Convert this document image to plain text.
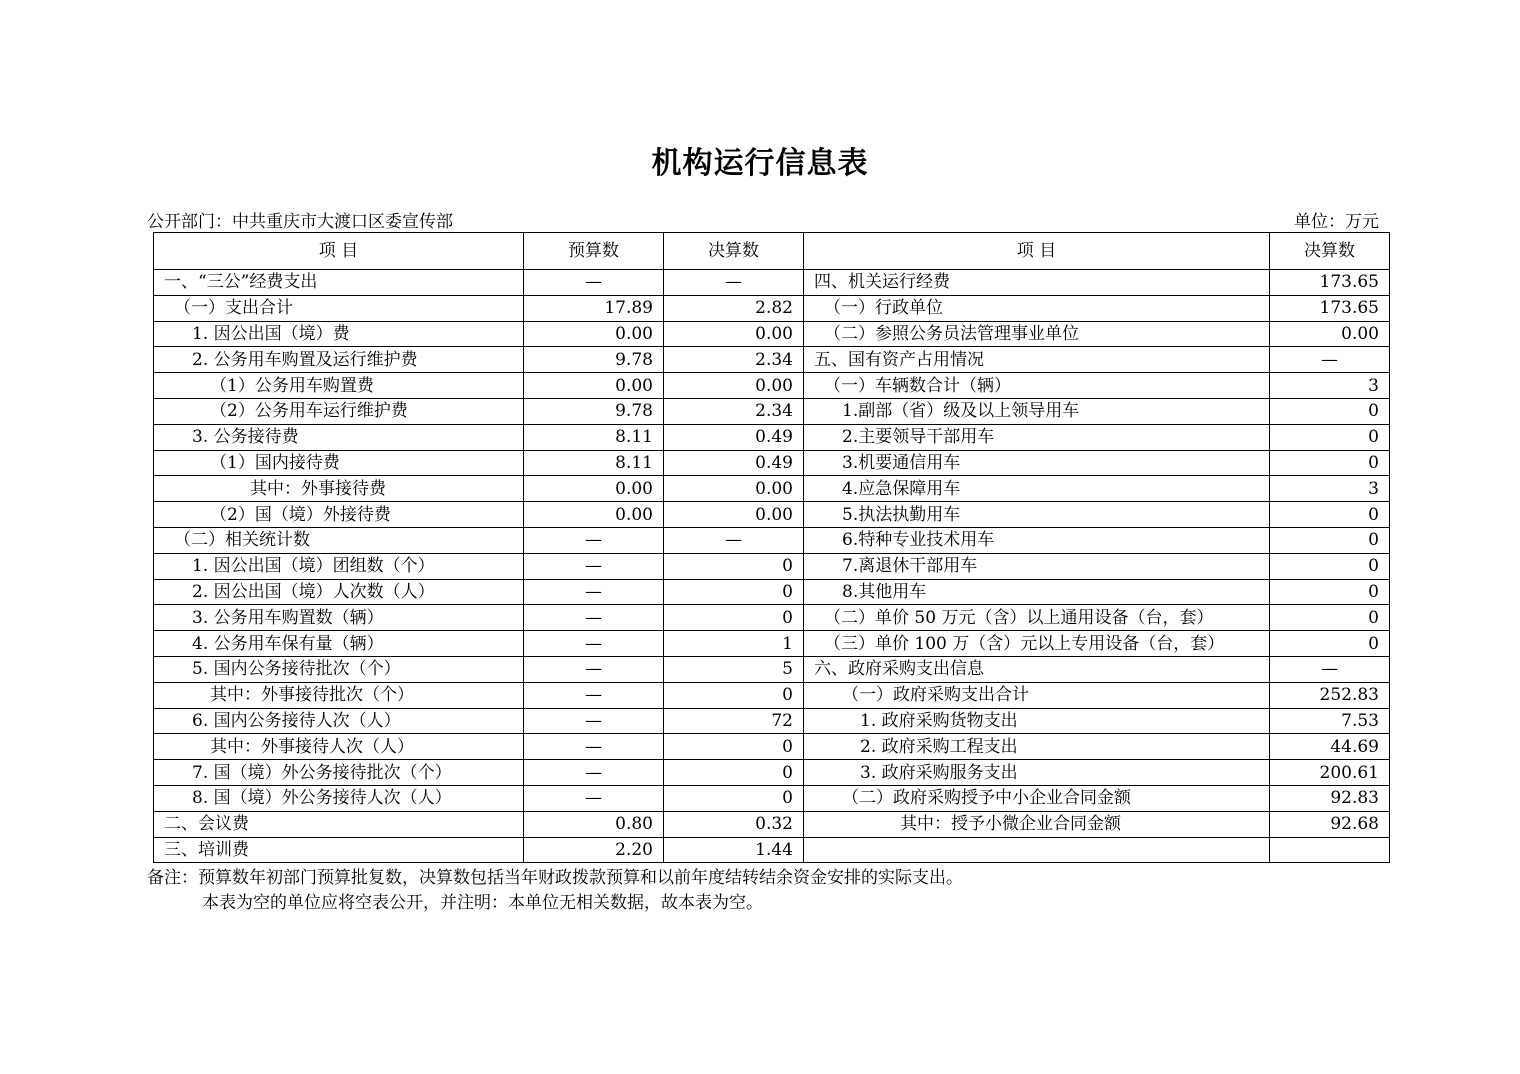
机构运行信息表
公开部门：中共重庆市大渡口区委宣传部	单位：万元
项 目	预算数	决算数	项 目	决算数
一、“三公”经费支出	—	—	四、机关运行经费	173.65
（一）支出合计	17.89	2.82	（一）行政单位	173.65
1. 因公出国（境）费	0.00	0.00	（二）参照公务员法管理事业单位	0.00
2. 公务用车购置及运行维护费	9.78	2.34	五、国有资产占用情况	—
（1）公务用车购置费	0.00	0.00	（一）车辆数合计（辆）	3
（2）公务用车运行维护费	9.78	2.34	1.副部（省）级及以上领导用车	0
3. 公务接待费	8.11	0.49	2.主要领导干部用车	0
（1）国内接待费	8.11	0.49	3.机要通信用车	0
其中：外事接待费	0.00	0.00	4.应急保障用车	3
（2）国（境）外接待费	0.00	0.00	5.执法执勤用车	0
（二）相关统计数	—	—	6.特种专业技术用车	0
1. 因公出国（境）团组数（个）	—	0	7.离退休干部用车	0
2. 因公出国（境）人次数（人）	—	0	8.其他用车	0
3. 公务用车购置数（辆）	—	0	（二）单价 50 万元（含）以上通用设备（台，套）	0
4. 公务用车保有量（辆）	—	1	（三）单价 100 万（含）元以上专用设备（台，套）	0
5. 国内公务接待批次（个）	—	5	六、政府采购支出信息	—
其中：外事接待批次（个）	—	0	（一）政府采购支出合计	252.83
6. 国内公务接待人次（人）	—	72	1. 政府采购货物支出	7.53
其中：外事接待人次（人）	—	0	2. 政府采购工程支出	44.69
7. 国（境）外公务接待批次（个）	—	0	3. 政府采购服务支出	200.61
8. 国（境）外公务接待人次（人）	—	0	（二）政府采购授予中小企业合同金额	92.83
二、会议费	0.80	0.32	其中：授予小微企业合同金额	92.68
三、培训费	2.20	1.44		
备注：预算数年初部门预算批复数，决算数包括当年财政拨款预算和以前年度结转结余资金安排的实际支出。
本表为空的单位应将空表公开，并注明：本单位无相关数据，故本表为空。
